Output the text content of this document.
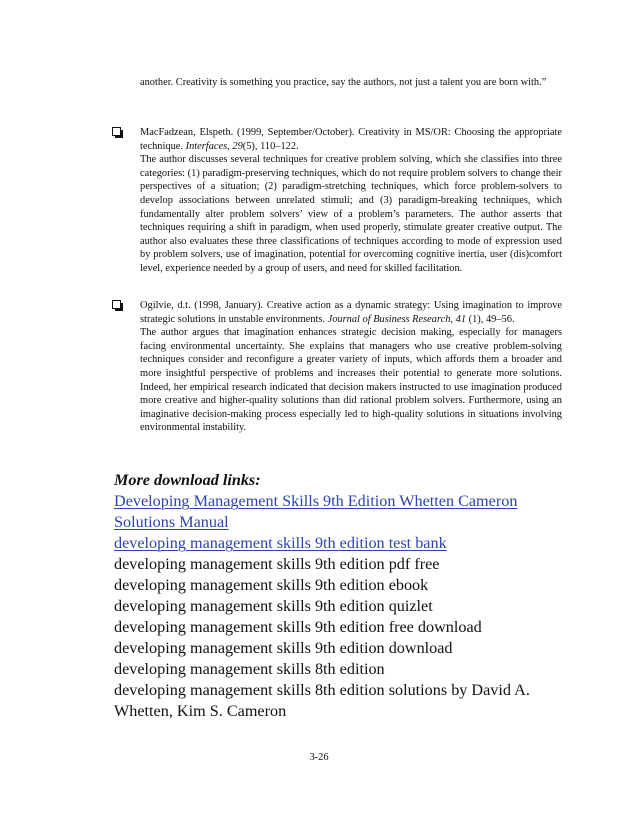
another. Creativity is something you practice, say the authors, not just a talent you are born with.”
MacFadzean, Elspeth. (1999, September/October). Creativity in MS/OR: Choosing the appropriate technique. Interfaces, 29(5), 110–122.
The author discusses several techniques for creative problem solving, which she classifies into three categories: (1) paradigm-preserving techniques, which do not require problem solvers to change their perspectives of a situation; (2) paradigm-stretching techniques, which force problem-solvers to develop associations between unrelated stimuli; and (3) paradigm-breaking techniques, which fundamentally alter problem solvers’ view of a problem’s parameters. The author asserts that techniques requiring a shift in paradigm, when used properly, stimulate greater creative output. The author also evaluates these three classifications of techniques according to mode of expression used by problem solvers, use of imagination, potential for overcoming cognitive inertia, user (dis)comfort level, experience needed by a group of users, and need for skilled facilitation.
Ogilvie, d.t. (1998, January). Creative action as a dynamic strategy: Using imagination to improve strategic solutions in unstable environments. Journal of Business Research, 41 (1), 49–56.
The author argues that imagination enhances strategic decision making, especially for managers facing environmental uncertainty. She explains that managers who use creative problem-solving techniques consider and reconfigure a greater variety of inputs, which affords them a broader and more insightful perspective of problems and increases their potential to generate more solutions. Indeed, her empirical research indicated that decision makers instructed to use imagination produced more creative and higher-quality solutions than did rational problem solvers. Furthermore, using an imaginative decision-making process especially led to high-quality solutions in situations involving environmental instability.
More download links:
Developing Management Skills 9th Edition Whetten Cameron Solutions Manual
developing management skills 9th edition test bank
developing management skills 9th edition pdf free
developing management skills 9th edition ebook
developing management skills 9th edition quizlet
developing management skills 9th edition free download
developing management skills 9th edition download
developing management skills 8th edition
developing management skills 8th edition solutions by David A. Whetten, Kim S. Cameron
3-26
